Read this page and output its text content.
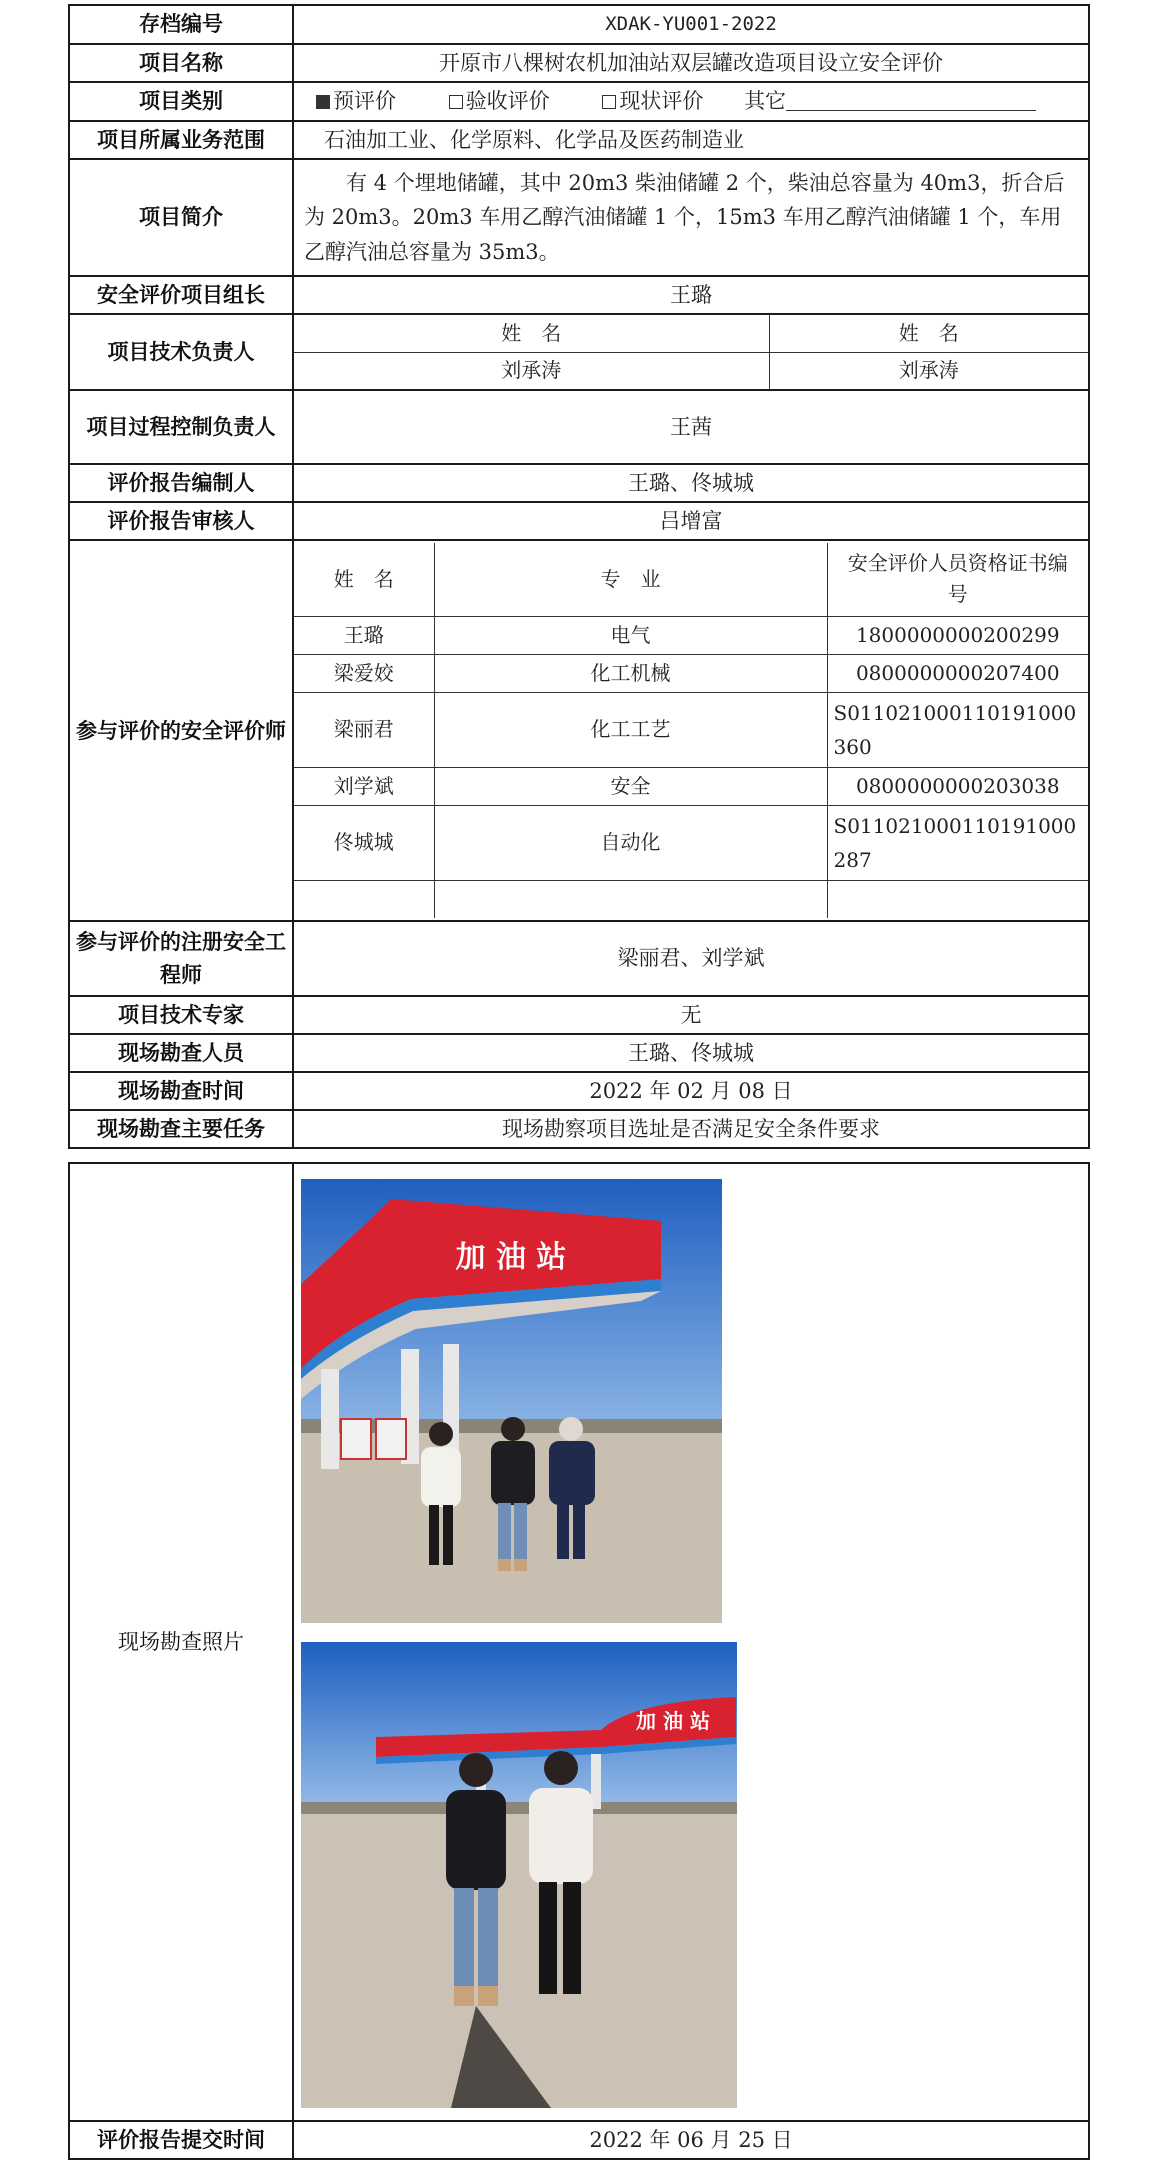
存档编号	XDAK-YU001-2022
项目名称	开原市八棵树农机加油站双层罐改造项目设立安全评价
项目类别	预评价	验收评价	现状评价 其它
项目所属业务范围	石油加工业、化学原料、化学品及医药制造业
项目简介	有 4 个埋地储罐，其中 20m3 柴油储罐 2 个，柴油总容量为 40m3，折合后为 20m3。20m3 车用乙醇汽油储罐 1 个，15m3 车用乙醇汽油储罐 1 个，车用乙醇汽油总容量为 35m3。
安全评价项目组长	王璐
项目技术负责人	
姓　名	姓　名
刘承涛	刘承涛

项目过程控制负责人	王茜
评价报告编制人	王璐、佟城城
评价报告审核人	吕增富
参与评价的安全评价师	
姓　名	专　业	安全评价人员资格证书编号
王璐	电气	1800000000200299
梁爱姣	化工机械	0800000000207400
梁丽君	化工工艺	S011021000110191000360
刘学斌	安全	0800000000203038
佟城城	自动化	S011021000110191000287

参与评价的注册安全工程师	梁丽君、刘学斌
项目技术专家	无
现场勘查人员	王璐、佟城城
现场勘查时间	2022 年 02 月 08 日
现场勘查主要任务	现场勘察项目选址是否满足安全条件要求
现场勘查照片	加 油 站
加 油 站

评价报告提交时间	2022 年 06 月 25 日
